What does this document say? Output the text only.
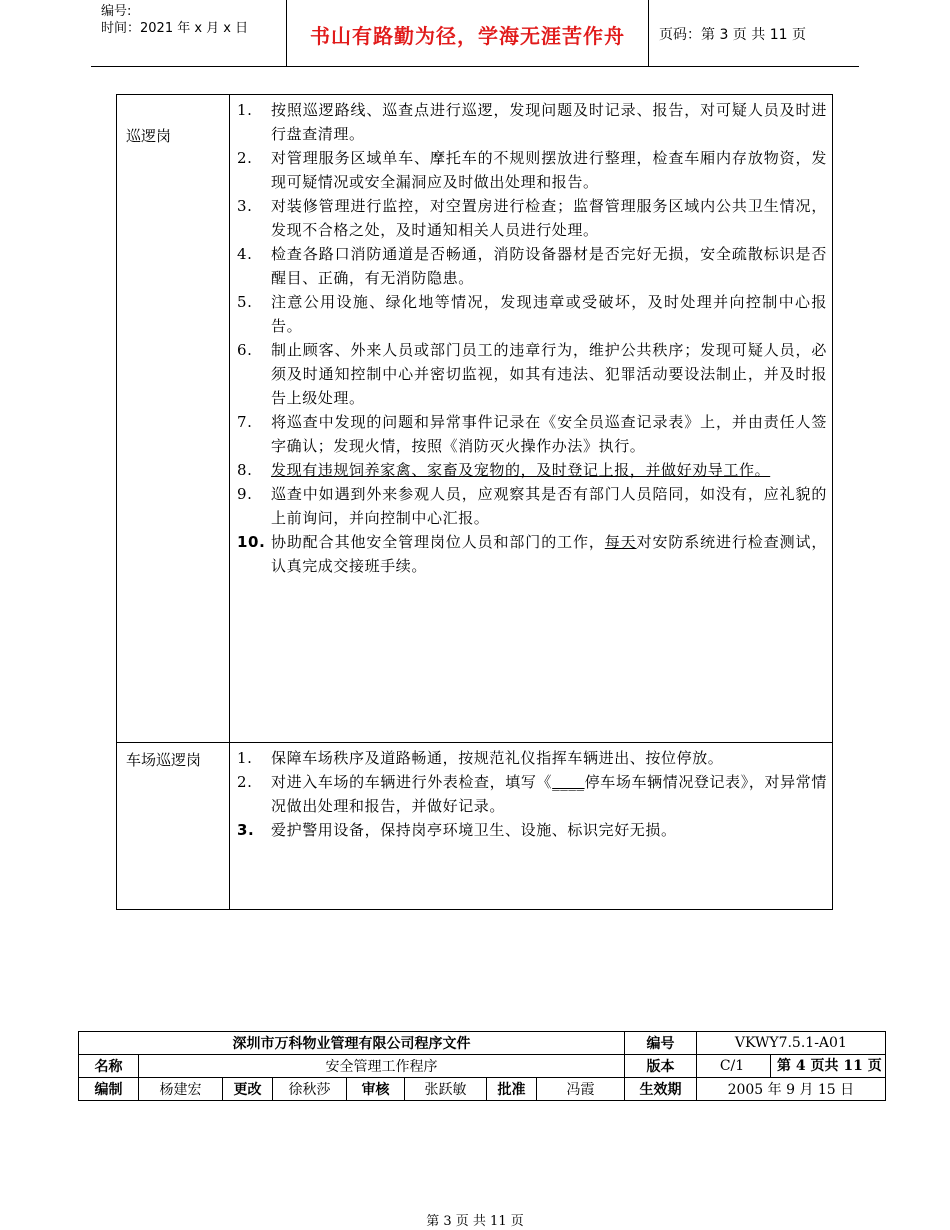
编号:
时间：2021 年 x 月 x 日	书山有路勤为径，学海无涯苦作舟	页码：第 3 页 共 11 页
巡逻岗
1. 按照巡逻路线、巡查点进行巡逻，发现问题及时记录、报告，对可疑人员及时进行盘查清理。
2. 对管理服务区域单车、摩托车的不规则摆放进行整理，检查车厢内存放物资，发现可疑情况或安全漏洞应及时做出处理和报告。
3. 对装修管理进行监控，对空置房进行检查；监督管理服务区域内公共卫生情况，发现不合格之处，及时通知相关人员进行处理。
4. 检查各路口消防通道是否畅通，消防设备器材是否完好无损，安全疏散标识是否醒目、正确，有无消防隐患。
5. 注意公用设施、绿化地等情况，发现违章或受破坏，及时处理并向控制中心报告。
6. 制止顾客、外来人员或部门员工的违章行为，维护公共秩序；发现可疑人员，必须及时通知控制中心并密切监视，如其有违法、犯罪活动要设法制止，并及时报告上级处理。
7. 将巡查中发现的问题和异常事件记录在《安全员巡查记录表》上，并由责任人签字确认；发现火情，按照《消防灭火操作办法》执行。
8. 发现有违规饲养家禽、家畜及宠物的，及时登记上报，并做好劝导工作。
9. 巡查中如遇到外来参观人员，应观察其是否有部门人员陪同，如没有，应礼貌的上前询问，并向控制中心汇报。
10. 协助配合其他安全管理岗位人员和部门的工作，每天对安防系统进行检查测试，认真完成交接班手续。
车场巡逻岗 1. 保障车场秩序及道路畅通，按规范礼仪指挥车辆进出、按位停放。
2. 对进入车场的车辆进行外表检查，填写《____停车场车辆情况登记表》，对异常情况做出处理和报告，并做好记录。
3. 爱护警用设备，保持岗亭环境卫生、设施、标识完好无损。
深圳市万科物业管理有限公司程序文件								编号	VKWY7.5.1-A01
名称	安全管理工作程序							版本	C/1 第 4 页共 11 页
编制	杨建宏	更改	徐秋莎	审核	张跃敏	批准	冯霞	生效期	2005 年 9 月 15 日
第 3 页 共 11 页
